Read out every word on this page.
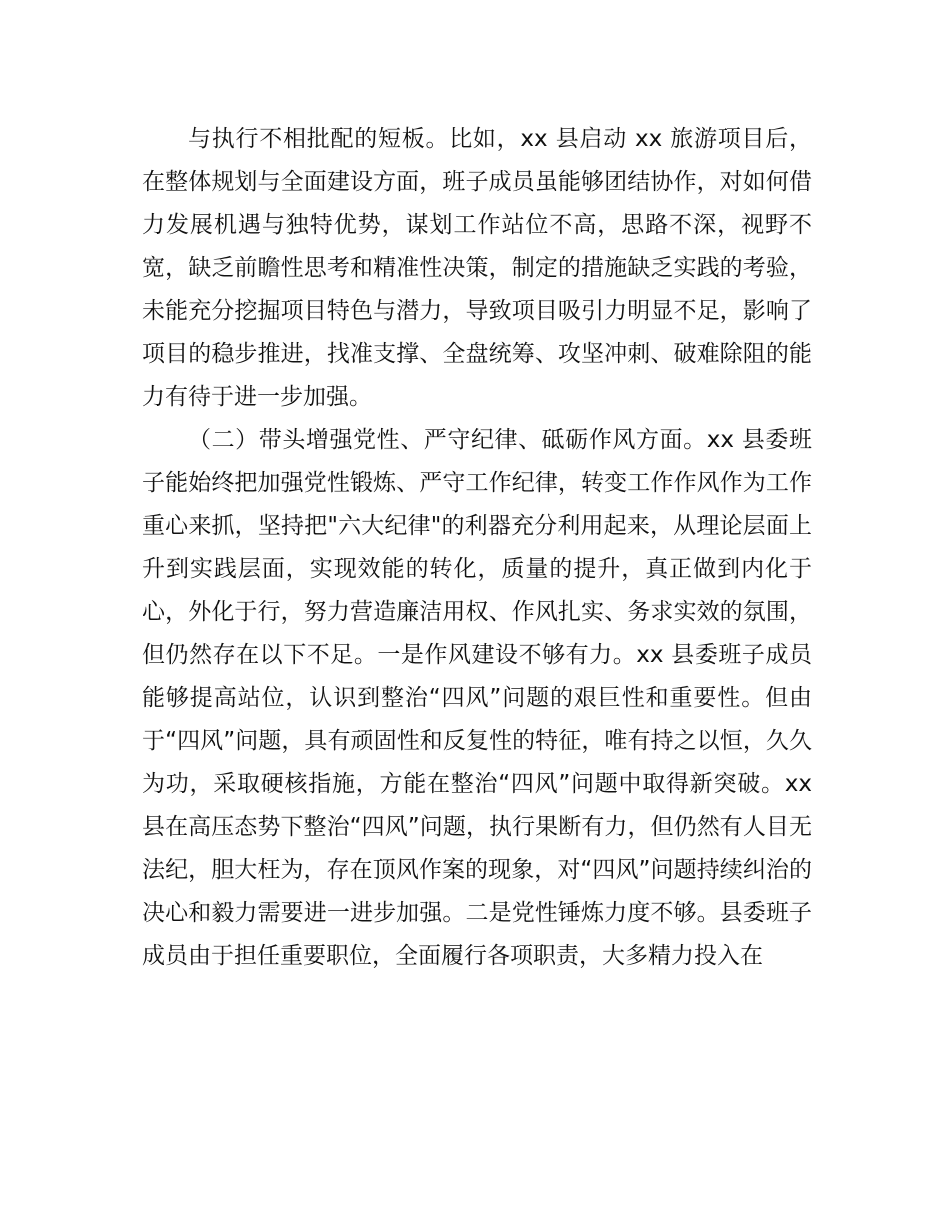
与执行不相批配的短板。比如，xx 县启动 xx 旅游项目后，在整体规划与全面建设方面，班子成员虽能够团结协作，对如何借力发展机遇与独特优势，谋划工作站位不高，思路不深，视野不宽，缺乏前瞻性思考和精准性决策，制定的措施缺乏实践的考验，未能充分挖掘项目特色与潜力，导致项目吸引力明显不足，影响了项目的稳步推进，找准支撑、全盘统筹、攻坚冲刺、破难除阻的能力有待于进一步加强。

（二）带头增强党性、严守纪律、砥砺作风方面。xx 县委班子能始终把加强党性锻炼、严守工作纪律，转变工作作风作为工作重心来抓，坚持把"六大纪律"的利器充分利用起来，从理论层面上升到实践层面，实现效能的转化，质量的提升，真正做到内化于心，外化于行，努力营造廉洁用权、作风扎实、务求实效的氛围，但仍然存在以下不足。一是作风建设不够有力。xx 县委班子成员能够提高站位，认识到整治“四风”问题的艰巨性和重要性。但由于“四风”问题，具有顽固性和反复性的特征，唯有持之以恒，久久为功，采取硬核指施，方能在整治“四风”问题中取得新突破。xx 县在高压态势下整治“四风”问题，执行果断有力，但仍然有人目无法纪，胆大枉为，存在顶风作案的现象，对“四风”问题持续纠治的决心和毅力需要进一进步加强。二是党性锤炼力度不够。县委班子成员由于担任重要职位，全面履行各项职责，大多精力投入在
